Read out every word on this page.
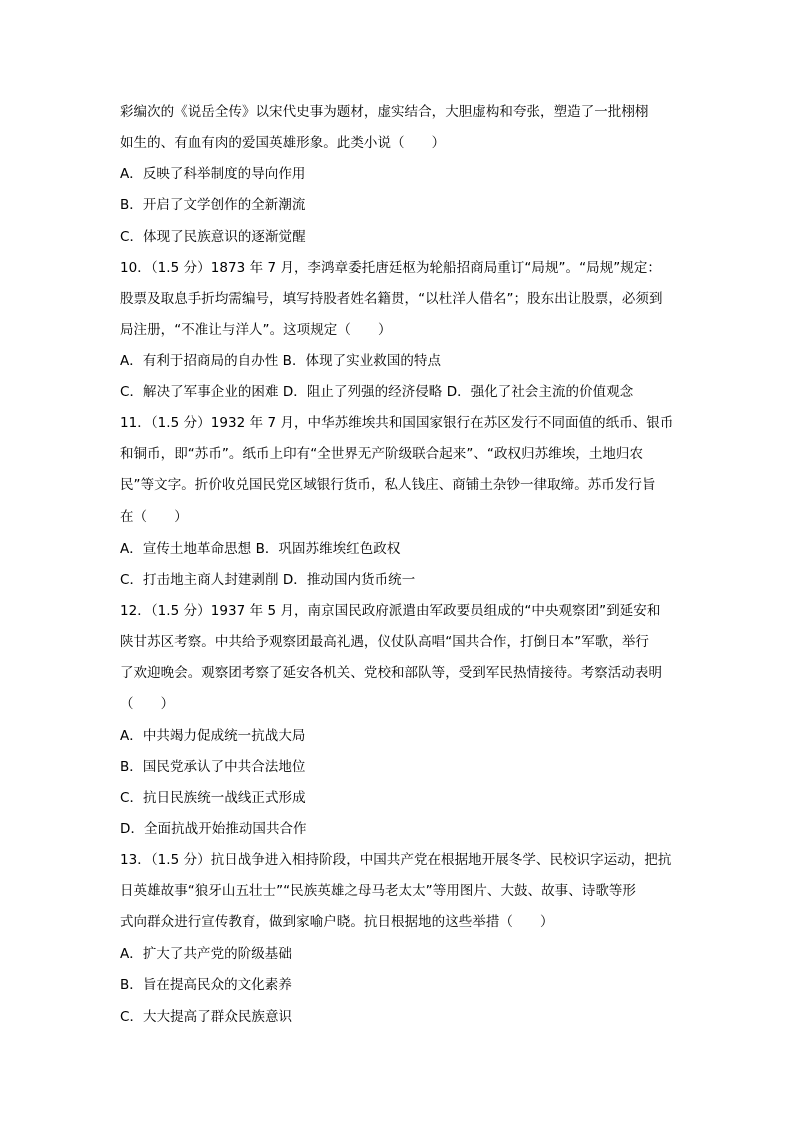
彩编次的《说岳全传》以宋代史事为题材，虚实结合，大胆虚构和夸张，塑造了一批栩栩
如生的、有血有肉的爱国英雄形象。此类小说（　　）
A．反映了科举制度的导向作用
B．开启了文学创作的全新潮流
C．体现了民族意识的逐渐觉醒
10．（1.5 分）1873 年 7 月，李鸿章委托唐廷枢为轮船招商局重订“局规”。“局规”规定：
股票及取息手折均需编号，填写持股者姓名籍贯，“以杜洋人借名”；股东出让股票，必须到
局注册，“不准让与洋人”。这项规定（　　）
A．有利于招商局的自办性 B．体现了实业救国的特点
C．解决了军事企业的困难 D．阻止了列强的经济侵略 D．强化了社会主流的价值观念
11．（1.5 分）1932 年 7 月，中华苏维埃共和国国家银行在苏区发行不同面值的纸币、银币
和铜币，即“苏币”。纸币上印有“全世界无产阶级联合起来”、“政权归苏维埃，土地归农
民”等文字。折价收兑国民党区域银行货币，私人钱庄、商铺土杂钞一律取缔。苏币发行旨
在（　　）
A．宣传土地革命思想 B．巩固苏维埃红色政权
C．打击地主商人封建剥削 D．推动国内货币统一
12．（1.5 分）1937 年 5 月，南京国民政府派遣由军政要员组成的“中央观察团”到延安和
陕甘苏区考察。中共给予观察团最高礼遇，仪仗队高唱“国共合作，打倒日本”军歌，举行
了欢迎晚会。观察团考察了延安各机关、党校和部队等，受到军民热情接待。考察活动表明
（　　）
A．中共竭力促成统一抗战大局
B．国民党承认了中共合法地位
C．抗日民族统一战线正式形成
D．全面抗战开始推动国共合作
13．（1.5 分）抗日战争进入相持阶段，中国共产党在根据地开展冬学、民校识字运动，把抗
日英雄故事“狼牙山五壮士”“民族英雄之母马老太太”等用图片、大鼓、故事、诗歌等形
式向群众进行宣传教育，做到家喻户晓。抗日根据地的这些举措（　　）
A．扩大了共产党的阶级基础
B．旨在提高民众的文化素养
C．大大提高了群众民族意识
